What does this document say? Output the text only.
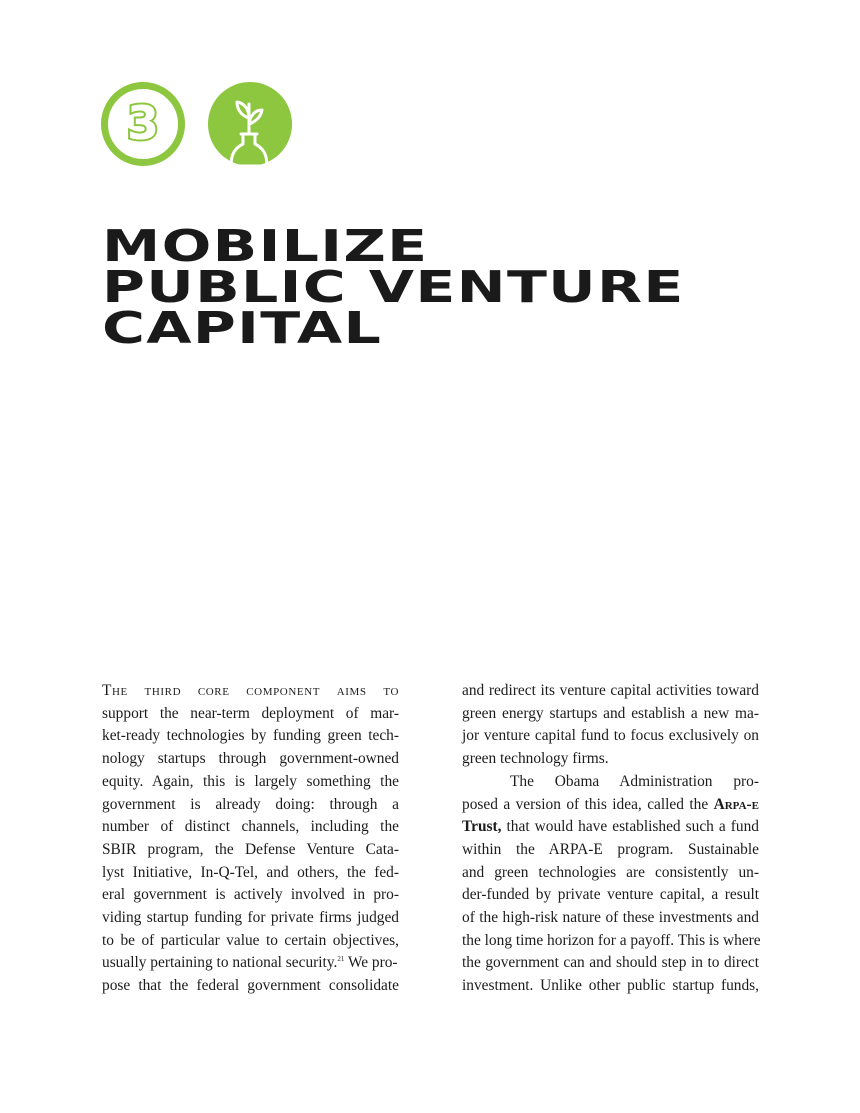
3
MOBILIZE
PUBLIC VENTURE
CAPITAL

The third core component aims to
support the near-term deployment of mar-
ket-ready technologies by funding green tech-
nology startups through government-owned
equity. Again, this is largely something the
government is already doing: through a
number of distinct channels, including the
SBIR program, the Defense Venture Cata-
lyst Initiative, In-Q-Tel, and others, the fed-
eral government is actively involved in pro-
viding startup funding for private firms judged
to be of particular value to certain objectives,
usually pertaining to national security.$^{21}$ We pro-
pose that the federal government consolidate

and redirect its venture capital activities toward
green energy startups and establish a new ma-
jor venture capital fund to focus exclusively on
green technology firms.

The Obama Administration pro-
posed a version of this idea, called the Arpa-e
Trust, that would have established such a fund
within the ARPA-E program. Sustainable
and green technologies are consistently un-
der-funded by private venture capital, a result
of the high-risk nature of these investments and
the long time horizon for a payoff. This is where
the government can and should step in to direct
investment. Unlike other public startup funds,
